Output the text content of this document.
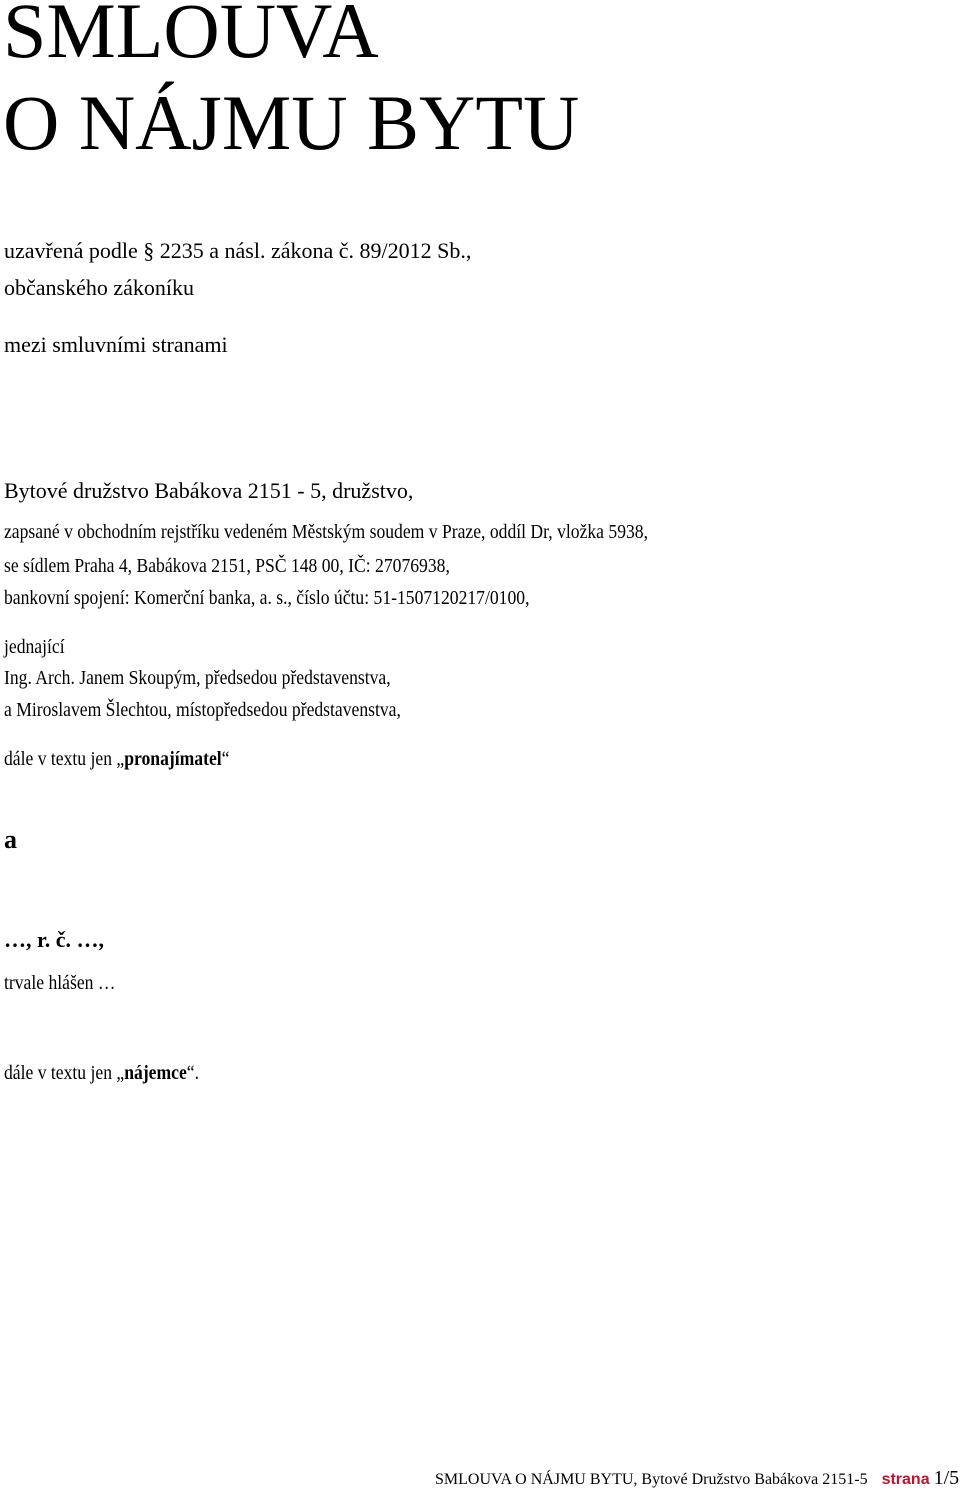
SMLOUVA
O NÁJMU BYTU

uzavřená podle § 2235 a násl. zákona č. 89/2012 Sb.,

občanského zákoníku

mezi smluvními stranami

Bytové družstvo Babákova 2151 - 5, družstvo,

zapsané v obchodním rejstříku vedeném Městským soudem v Praze, oddíl Dr, vložka 5938,

se sídlem Praha 4, Babákova 2151, PSČ 148 00, IČ: 27076938,

bankovní spojení: Komerční banka, a. s., číslo účtu: 51-1507120217/0100,

jednající

Ing. Arch. Janem Skoupým, předsedou představenstva,

a Miroslavem Šlechtou, místopředsedou představenstva,

dále v textu jen „pronajímatel“

a

…, r. č. …,

trvale hlášen …

dále v textu jen „nájemce“.

SMLOUVA O NÁJMU BYTU, Bytové Družstvo Babákova 2151-5 strana 1/5
